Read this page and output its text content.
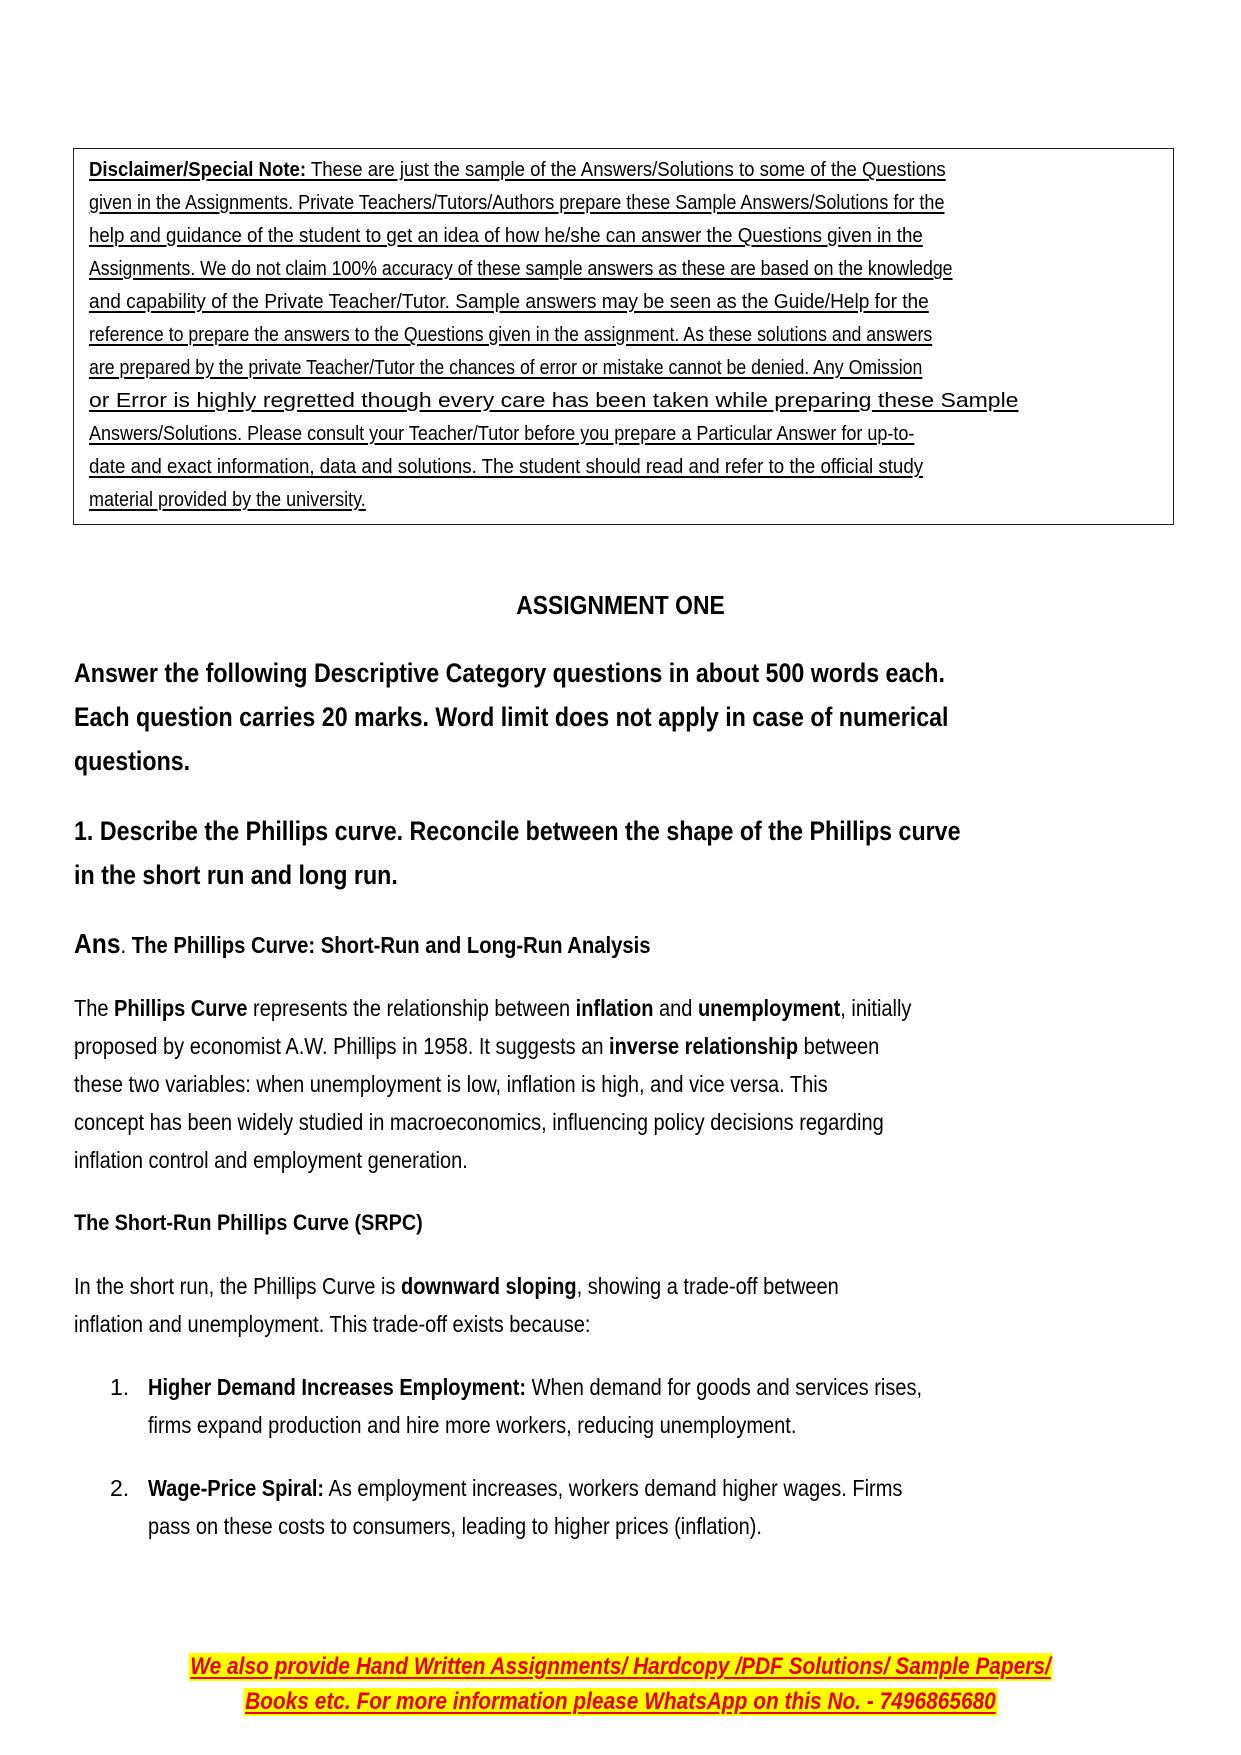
Disclaimer/Special Note: These are just the sample of the Answers/Solutions to some of the Questions
given in the Assignments. Private Teachers/Tutors/Authors prepare these Sample Answers/Solutions for the
help and guidance of the student to get an idea of how he/she can answer the Questions given in the
Assignments. We do not claim 100% accuracy of these sample answers as these are based on the knowledge
and capability of the Private Teacher/Tutor. Sample answers may be seen as the Guide/Help for the
reference to prepare the answers to the Questions given in the assignment. As these solutions and answers
are prepared by the private Teacher/Tutor the chances of error or mistake cannot be denied. Any Omission
or Error is highly regretted though every care has been taken while preparing these Sample
Answers/Solutions. Please consult your Teacher/Tutor before you prepare a Particular Answer for up-to-
date and exact information, data and solutions. The student should read and refer to the official study
material provided by the university.
ASSIGNMENT ONE
Answer the following Descriptive Category questions in about 500 words each.
Each question carries 20 marks. Word limit does not apply in case of numerical
questions.
1. Describe the Phillips curve. Reconcile between the shape of the Phillips curve
in the short run and long run.
Ans. The Phillips Curve: Short-Run and Long-Run Analysis
The Phillips Curve represents the relationship between inflation and unemployment, initially
proposed by economist A.W. Phillips in 1958. It suggests an inverse relationship between
these two variables: when unemployment is low, inflation is high, and vice versa. This
concept has been widely studied in macroeconomics, influencing policy decisions regarding
inflation control and employment generation.
The Short-Run Phillips Curve (SRPC)
In the short run, the Phillips Curve is downward sloping, showing a trade-off between
inflation and unemployment. This trade-off exists because:
1. Higher Demand Increases Employment: When demand for goods and services rises,
firms expand production and hire more workers, reducing unemployment.
2. Wage-Price Spiral: As employment increases, workers demand higher wages. Firms
pass on these costs to consumers, leading to higher prices (inflation).
We also provide Hand Written Assignments/ Hardcopy /PDF Solutions/ Sample Papers/
Books etc. For more information please WhatsApp on this No. - 7496865680
